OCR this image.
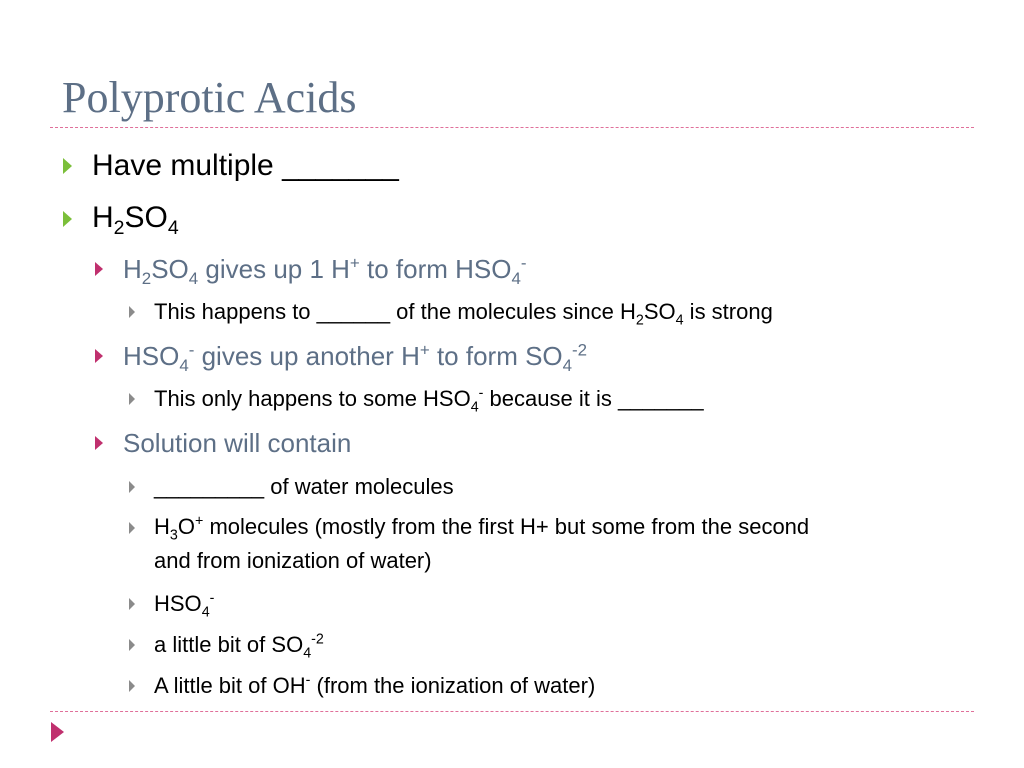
Polyprotic Acids
Have multiple _______
$H_2SO_4$
$H_2SO_4$ gives up 1 H+ to form $HSO_4^-$
This happens to ______ of the molecules since $H_2SO_4$ is strong
$HSO_4^-$ gives up another H+ to form $SO_4^{-2}$
This only happens to some $HSO_4^-$ because it is _______
Solution will contain
_________ of water molecules
$H_3O^+$ molecules (mostly from the first H+ but some from the second
and from ionization of water)
$HSO_4^-$
a little bit of $SO_4^{-2}$
A little bit of OH- (from the ionization of water)
